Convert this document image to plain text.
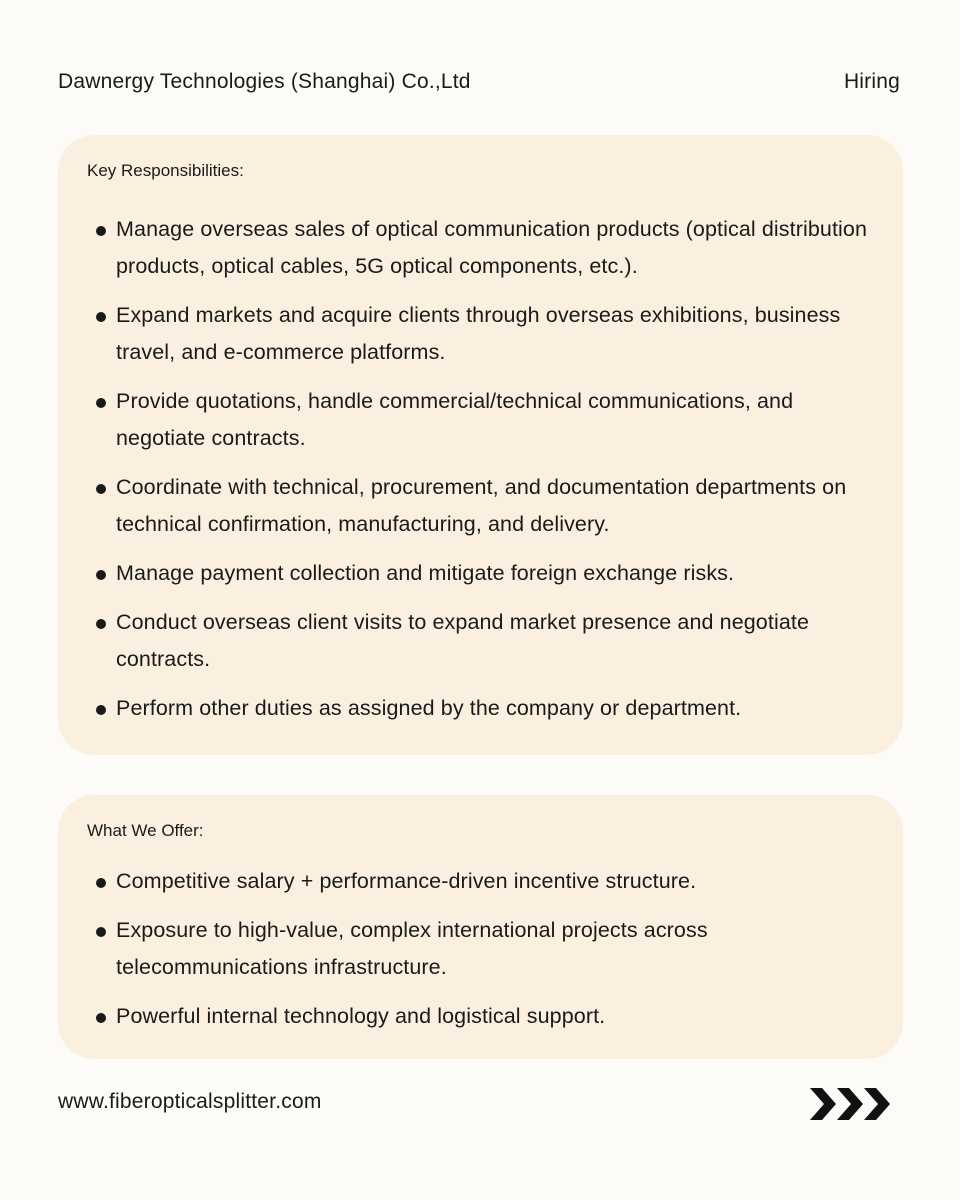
Dawnergy Technologies (Shanghai) Co.,Ltd	Hiring
Key Responsibilities:
Manage overseas sales of optical communication products (optical distribution products, optical cables, 5G optical components, etc.).
Expand markets and acquire clients through overseas exhibitions, business travel, and e-commerce platforms.
Provide quotations, handle commercial/technical communications, and negotiate contracts.
Coordinate with technical, procurement, and documentation departments on technical confirmation, manufacturing, and delivery.
Manage payment collection and mitigate foreign exchange risks.
Conduct overseas client visits to expand market presence and negotiate contracts.
Perform other duties as assigned by the company or department.
What We Offer:
Competitive salary + performance-driven incentive structure.
Exposure to high-value, complex international projects across telecommunications infrastructure.
Powerful internal technology and logistical support.
www.fiberopticalsplitter.com
